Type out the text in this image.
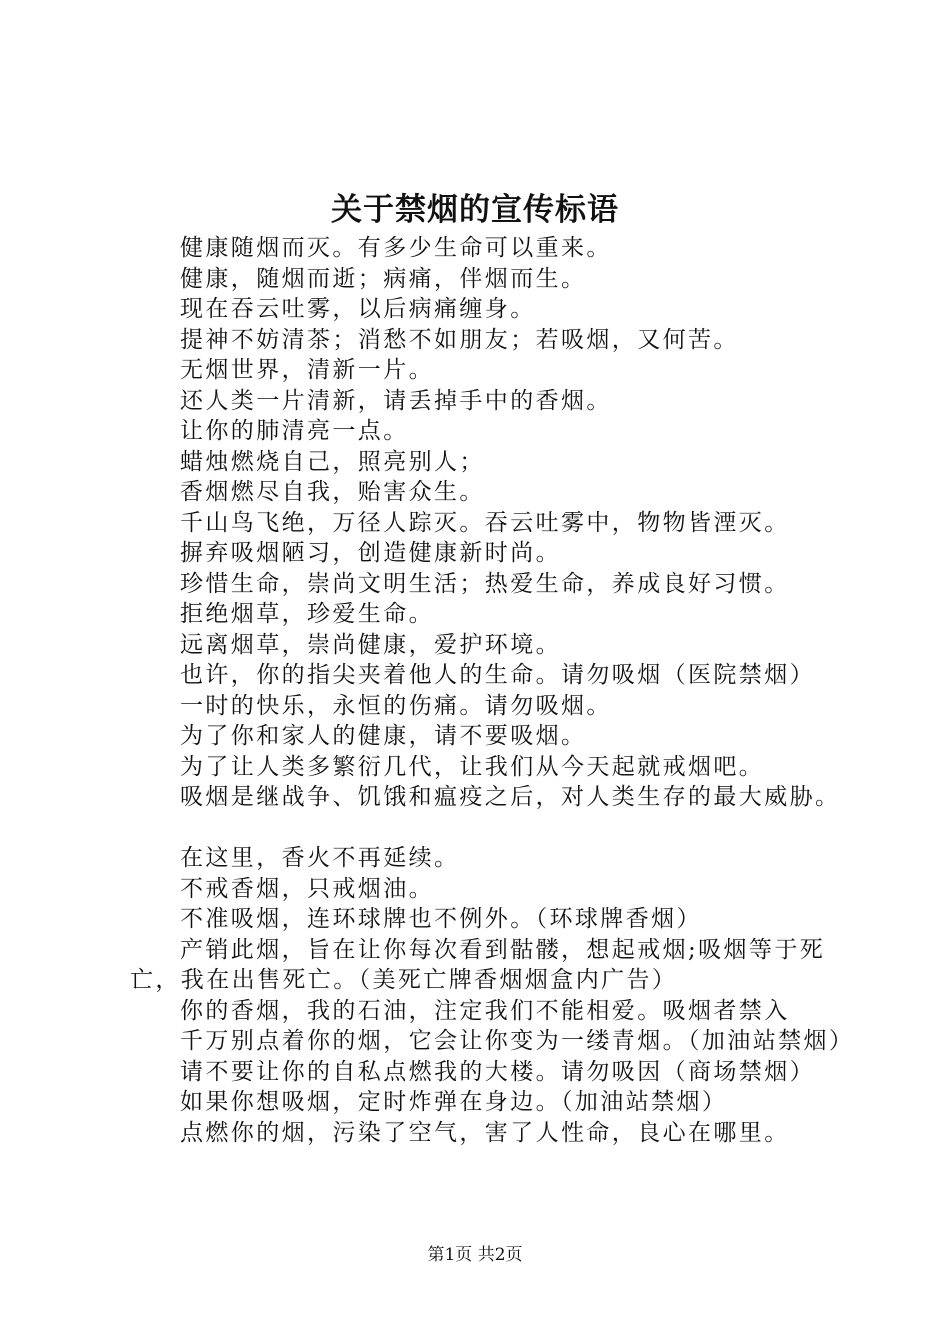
关于禁烟的宣传标语
健康随烟而灭。有多少生命可以重来。
健康，随烟而逝；病痛，伴烟而生。
现在吞云吐雾，以后病痛缠身。
提神不妨清茶；消愁不如朋友；若吸烟，又何苦。
无烟世界，清新一片。
还人类一片清新，请丢掉手中的香烟。
让你的肺清亮一点。
蜡烛燃烧自己，照亮别人；
香烟燃尽自我，贻害众生。
千山鸟飞绝，万径人踪灭。吞云吐雾中，物物皆湮灭。
摒弃吸烟陋习，创造健康新时尚。
珍惜生命，崇尚文明生活；热爱生命，养成良好习惯。
拒绝烟草，珍爱生命。
远离烟草，崇尚健康，爱护环境。
也许，你的指尖夹着他人的生命。请勿吸烟（医院禁烟）
一时的快乐，永恒的伤痛。请勿吸烟。
为了你和家人的健康，请不要吸烟。
为了让人类多繁衍几代，让我们从今天起就戒烟吧。
吸烟是继战争、饥饿和瘟疫之后，对人类生存的最大威胁。
在这里，香火不再延续。
不戒香烟，只戒烟油。
不准吸烟，连环球牌也不例外。（环球牌香烟）
产销此烟，旨在让你每次看到骷髅，想起戒烟;吸烟等于死亡，我在出售死亡。（美死亡牌香烟烟盒内广告）
你的香烟，我的石油，注定我们不能相爱。吸烟者禁入
千万别点着你的烟，它会让你变为一缕青烟。（加油站禁烟）
请不要让你的自私点燃我的大楼。请勿吸因（商场禁烟）
如果你想吸烟，定时炸弹在身边。（加油站禁烟）
点燃你的烟，污染了空气，害了人性命，良心在哪里。
第1页 共2页
